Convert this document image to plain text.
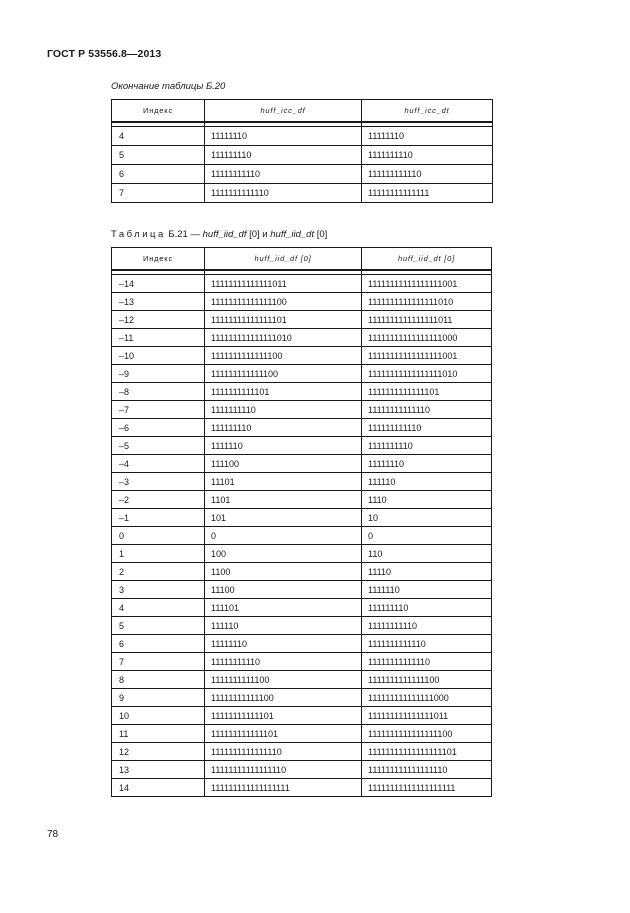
ГОСТ Р 53556.8—2013
Окончание таблицы Б.20
Индекс	huff_icc_df	huff_icc_dt

4	11111110	11111110
5	111111110	1111111110
6	11111111110	111111111110
7	1111111111110	11111111111111
Таблица Б.21 — huff_iid_df [0] и huff_iid_dt [0]
Индекс	huff_iid_df [0]	huff_iid_dt [0]

–14	11111111111111011	11111111111111111001
–13	11111111111111100	1111111111111111010
–12	11111111111111101	1111111111111111011
–11	111111111111111010	11111111111111111000
–10	1111111111111100	11111111111111111001
–9	111111111111100	11111111111111111010
–8	1111111111101	1111111111111101
–7	1111111110	11111111111110
–6	111111110	111111111110
–5	1111110	1111111110
–4	111100	11111110
–3	11101	111110
–2	1101	1110
–1	101	10
0	0	0
1	100	110
2	1100	11110
3	11100	1111110
4	111101	111111110
5	111110	11111111110
6	11111110	1111111111110
7	11111111110	11111111111110
8	1111111111100	1111111111111100
9	11111111111100	111111111111111000
10	11111111111101	111111111111111011
11	111111111111101	1111111111111111100
12	1111111111111110	11111111111111111101
13	11111111111111110	111111111111111110
14	111111111111111111	11111111111111111111
78
